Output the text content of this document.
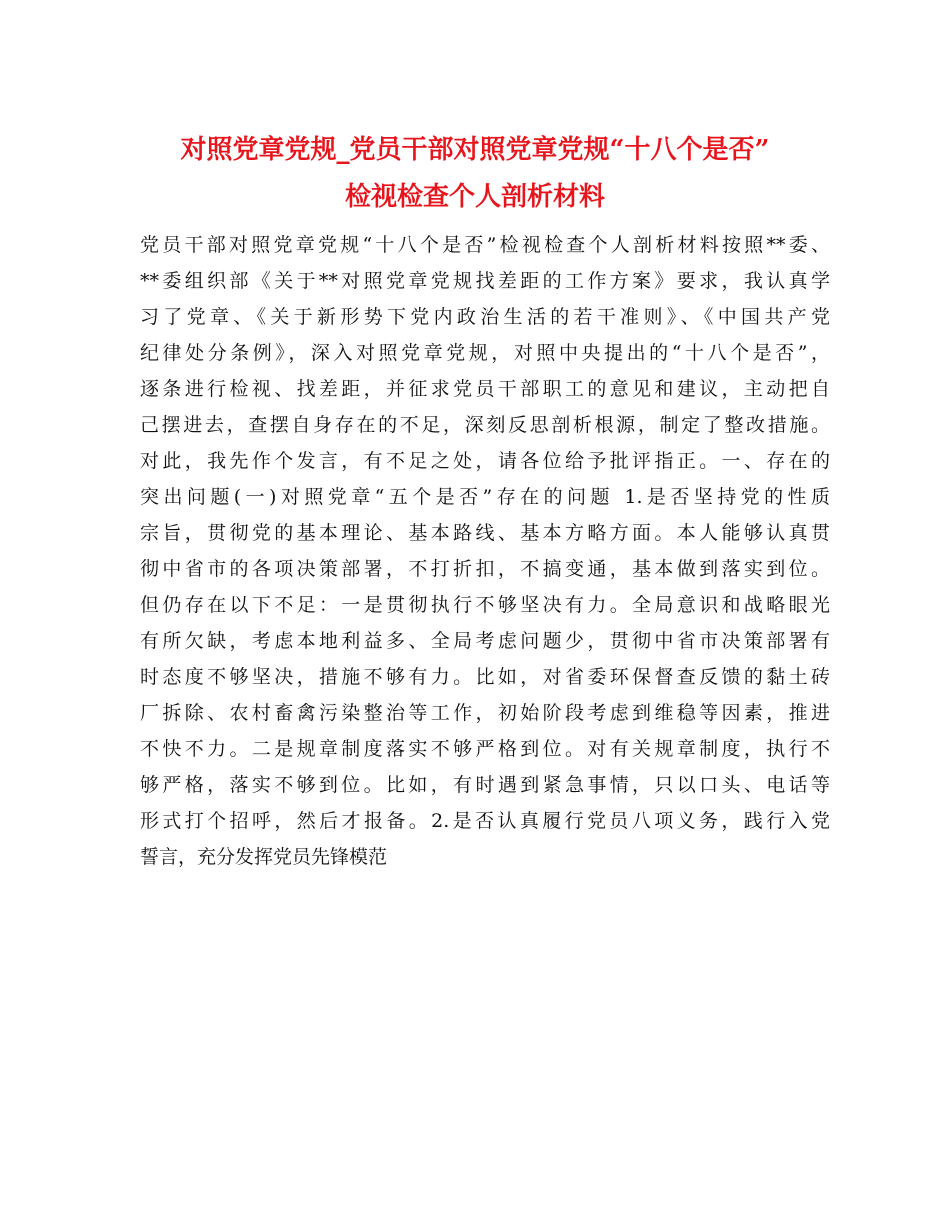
对照党章党规_党员干部对照党章党规“十八个是否”
检视检查个人剖析材料
党员干部对照党章党规“十八个是否”检视检查个人剖析材料按照**委、
**委组织部《关于**对照党章党规找差距的工作方案》要求，我认真学
习了党章、《关于新形势下党内政治生活的若干准则》、《中国共产党
纪律处分条例》，深入对照党章党规，对照中央提出的“十八个是否”，
逐条进行检视、找差距，并征求党员干部职工的意见和建议，主动把自
己摆进去，查摆自身存在的不足，深刻反思剖析根源，制定了整改措施。
对此，我先作个发言，有不足之处，请各位给予批评指正。一、存在的
突出问题(一)对照党章“五个是否”存在的问题 1.是否坚持党的性质
宗旨，贯彻党的基本理论、基本路线、基本方略方面。本人能够认真贯
彻中省市的各项决策部署，不打折扣，不搞变通，基本做到落实到位。
但仍存在以下不足：一是贯彻执行不够坚决有力。全局意识和战略眼光
有所欠缺，考虑本地利益多、全局考虑问题少，贯彻中省市决策部署有
时态度不够坚决，措施不够有力。比如，对省委环保督查反馈的黏土砖
厂拆除、农村畜禽污染整治等工作，初始阶段考虑到维稳等因素，推进
不快不力。二是规章制度落实不够严格到位。对有关规章制度，执行不
够严格，落实不够到位。比如，有时遇到紧急事情，只以口头、电话等
形式打个招呼，然后才报备。2.是否认真履行党员八项义务，践行入党
誓言，充分发挥党员先锋模范
